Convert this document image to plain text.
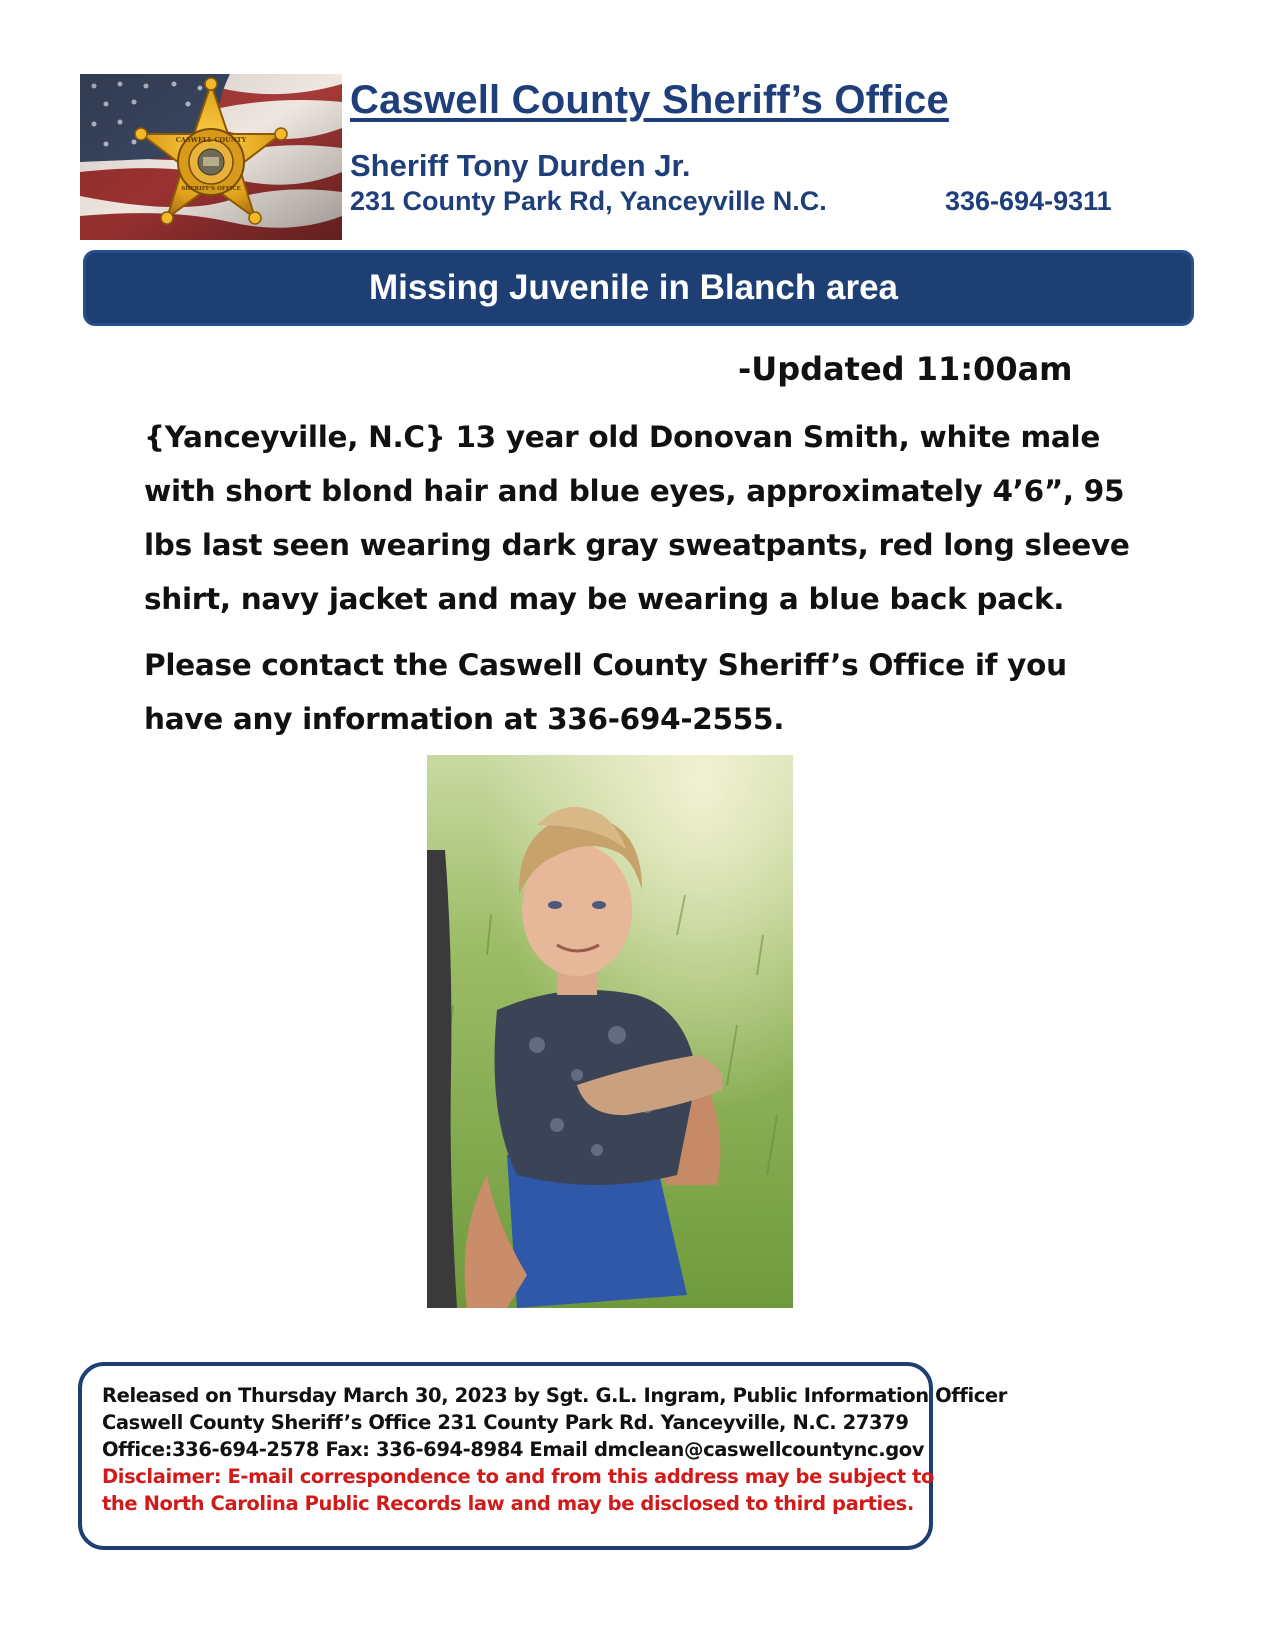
CASWELL COUNTY
SHERIFF'S OFFICE
Caswell County Sheriff’s Office
Sheriff Tony Durden Jr.
231 County Park Rd, Yanceyville N.C.	336-694-9311
Missing Juvenile in Blanch area
-Updated 11:00am
{Yanceyville, N.C} 13 year old Donovan Smith, white male with short blond hair and blue eyes, approximately 4’6”, 95 lbs last seen wearing dark gray sweatpants, red long sleeve shirt, navy jacket and may be wearing a blue back pack.
Please contact the Caswell County Sheriff’s Office if you have any information at 336-694-2555.
Released on Thursday March 30, 2023 by Sgt. G.L. Ingram, Public Information Officer
Caswell County Sheriff’s Office 231 County Park Rd. Yanceyville, N.C. 27379
Office:336-694-2578 Fax: 336-694-8984 Email dmclean@caswellcountync.gov
Disclaimer: E-mail correspondence to and from this address may be subject to
the North Carolina Public Records law and may be disclosed to third parties.
